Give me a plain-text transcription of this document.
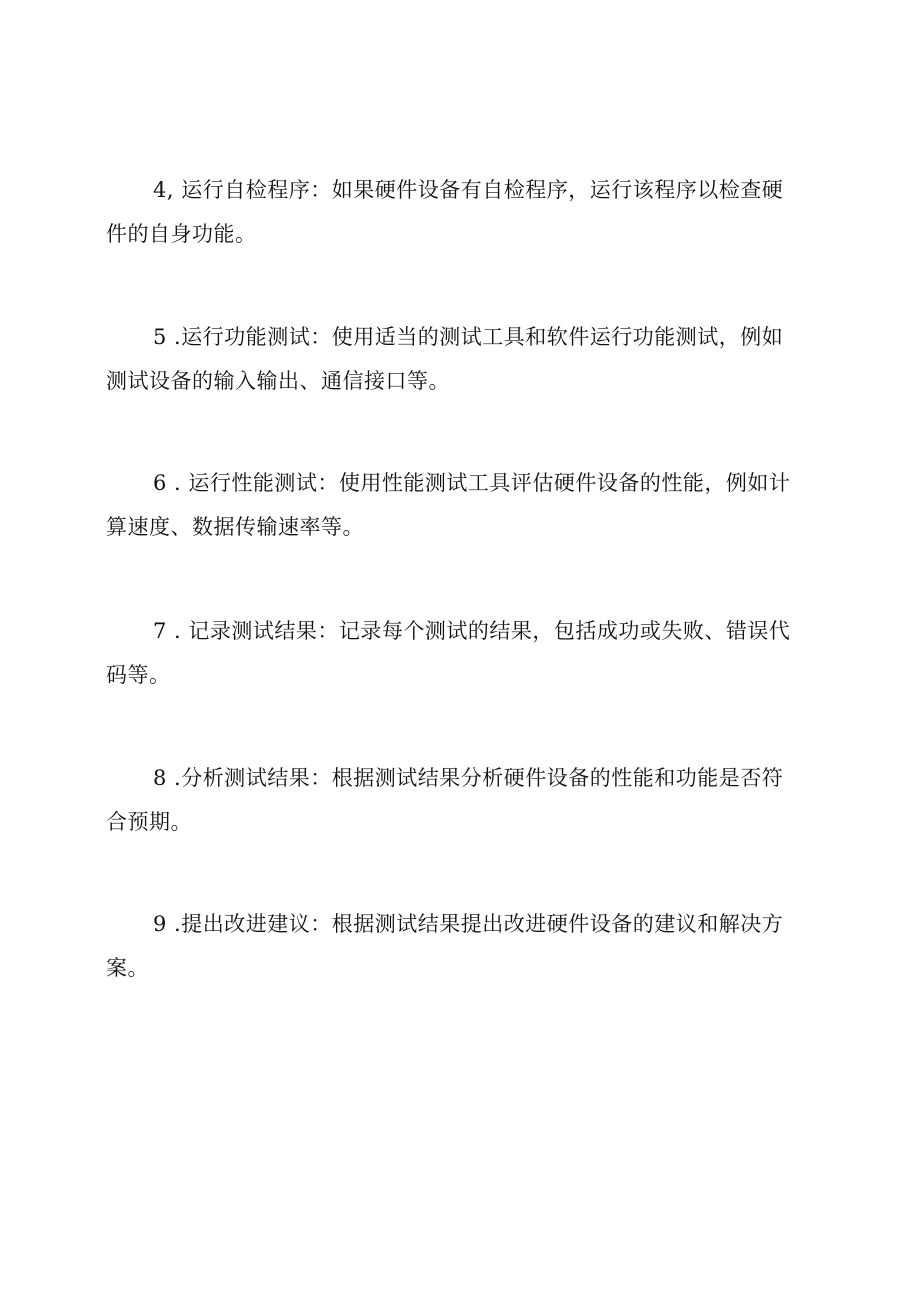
4, 运行自检程序：如果硬件设备有自检程序，运行该程序以检查硬件的自身功能。

5 .运行功能测试：使用适当的测试工具和软件运行功能测试，例如测试设备的输入输出、通信接口等。

6 . 运行性能测试：使用性能测试工具评估硬件设备的性能，例如计算速度、数据传输速率等。

7 . 记录测试结果：记录每个测试的结果，包括成功或失败、错误代码等。

8 .分析测试结果：根据测试结果分析硬件设备的性能和功能是否符合预期。

9 .提出改进建议：根据测试结果提出改进硬件设备的建议和解决方案。
